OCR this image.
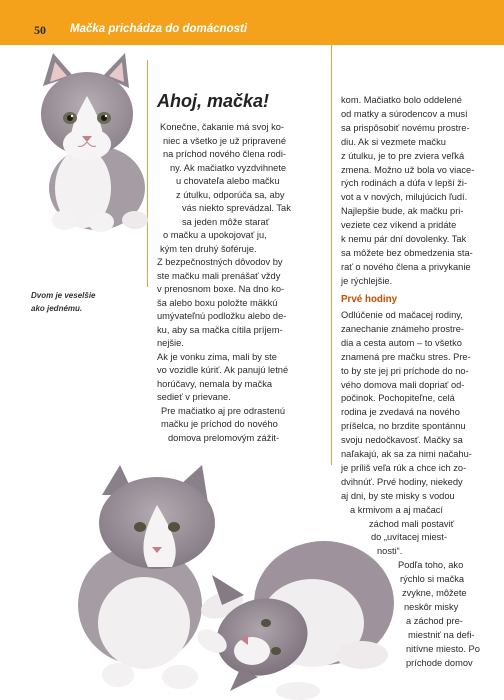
50 Mačka prichádza do domácnosti
Dvom je veselšie
ako jednému.
Ahoj, mačka!
Konečne, čakanie má svoj ko-
niec a všetko je už pripravené
na príchod nového člena rodi-
ny. Ak mačiatko vyzdvihnete
u chovateľa alebo mačku
z útulku, odporúča sa, aby
vás niekto sprevádzal. Tak
sa jeden môže starať
o mačku a upokojovať ju,
kým ten druhý šoféruje.
Z bezpečnostných dôvodov by
ste mačku mali prenášať vždy
v prenosnom boxe. Na dno ko-
ša alebo boxu položte mäkkú
umývateľnú podložku alebo de-
ku, aby sa mačka cítila príjem-
nejšie.
Ak je vonku zima, mali by ste
vo vozidle kúriť. Ak panujú letné
horúčavy, nemala by mačka
sedieť v prievane.
Pre mačiatko aj pre odrastenú
mačku je príchod do nového
domova prelomovým zážit-
kom. Mačiatko bolo oddelené
od matky a súrodencov a musí
sa prispôsobiť novému prostre-
diu. Ak si vezmete mačku
z útulku, je to pre zviera veľká
zmena. Možno už bola vo viace-
rých rodinách a dúfa v lepší ži-
vot a v nových, milujúcich ľudí.
Najlepšie bude, ak mačku pri-
veziete cez víkend a pridáte
k nemu pár dní dovolenky. Tak
sa môžete bez obmedzenia sta-
rať o nového člena a privykanie
je rýchlejšie.
Prvé hodiny
Odlúčenie od mačacej rodiny,
zanechanie známeho prostre-
dia a cesta autom – to všetko
znamená pre mačku stres. Pre-
to by ste jej pri príchode do no-
vého domova mali dopriať od-
počinok. Pochopiteľne, celá
rodina je zvedavá na nového
príšelca, no brzdite spontánnu
svoju nedočkavosť. Mačky sa
naľakajú, ak sa za nimi načahu-
je príliš veľa rúk a chce ich zo-
dvihnúť. Prvé hodiny, niekedy
aj dni, by ste misky s vodou
a krmivom a aj mačací
záchod mali postaviť
do „uvítacej miest-
nosti“.
Podľa toho, ako
rýchlo si mačka
zvykne, môžete
neskôr misky
a záchod pre-
miestniť na defi-
nitívne miesto. Po
príchode domov
